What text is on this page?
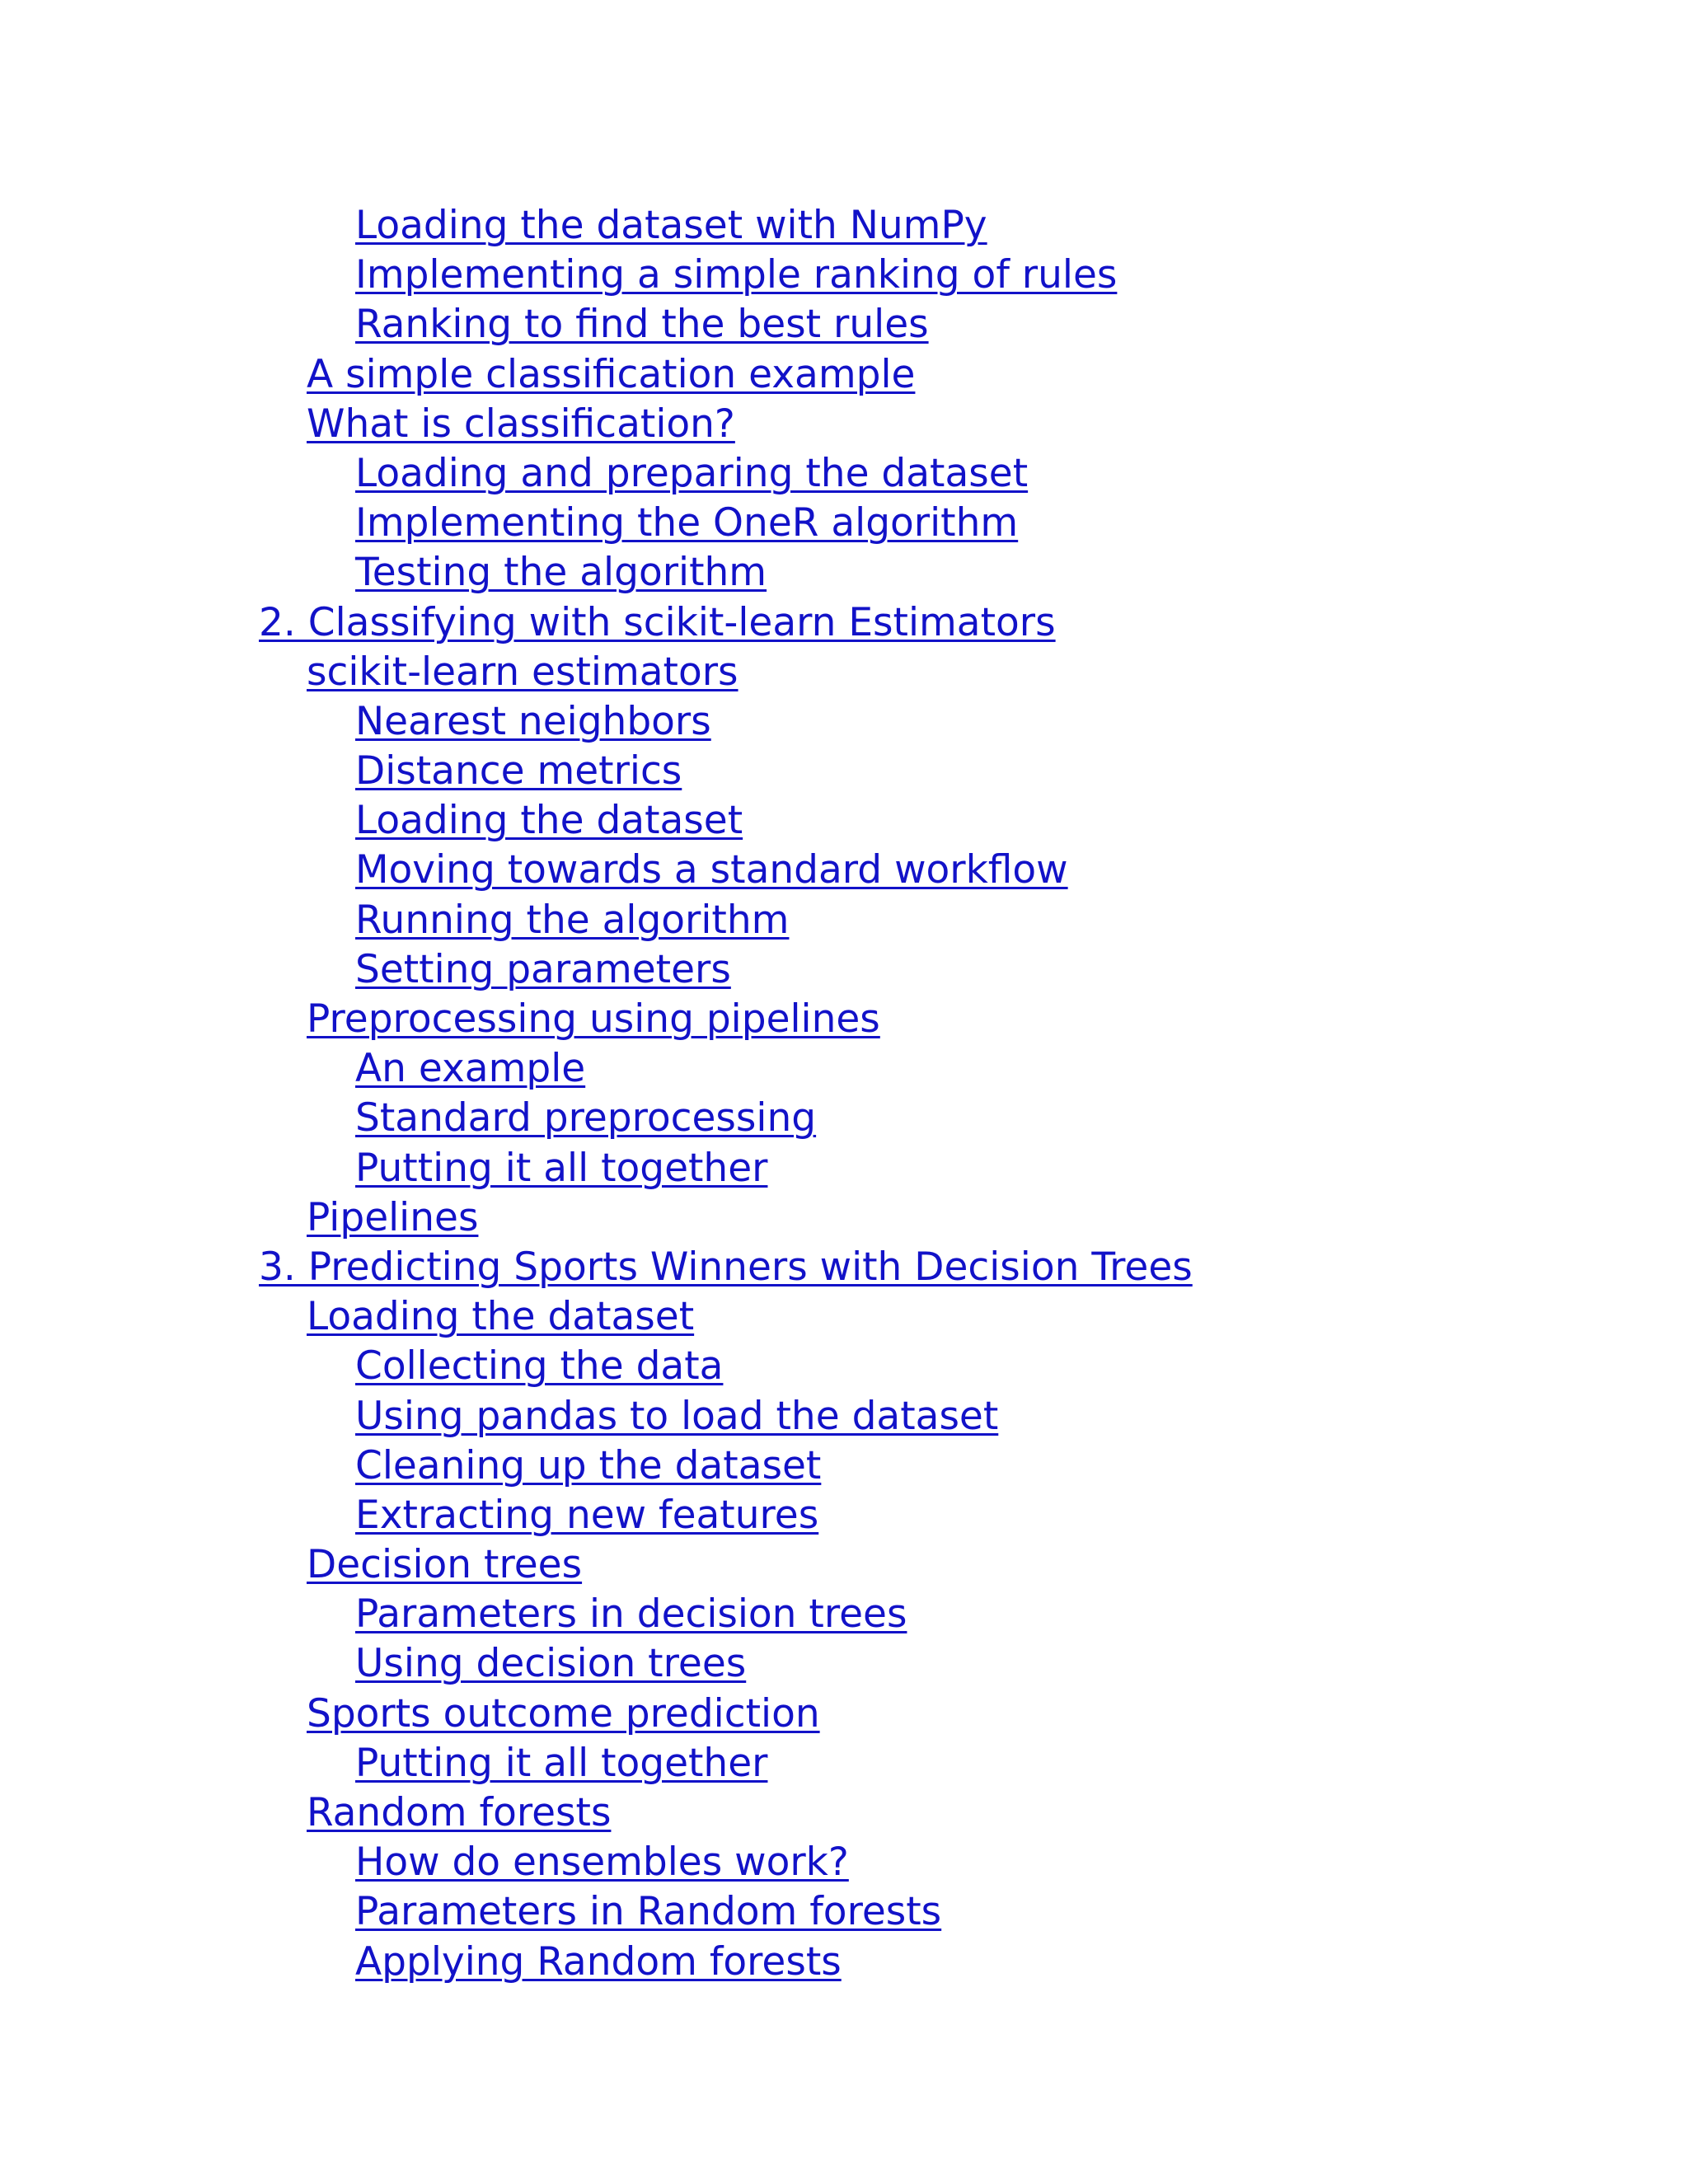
Loading the dataset with NumPy
Implementing a simple ranking of rules
Ranking to find the best rules
A simple classification example
What is classification?
Loading and preparing the dataset
Implementing the OneR algorithm
Testing the algorithm
2. Classifying with scikit-learn Estimators
scikit-learn estimators
Nearest neighbors
Distance metrics
Loading the dataset
Moving towards a standard workflow
Running the algorithm
Setting parameters
Preprocessing using pipelines
An example
Standard preprocessing
Putting it all together
Pipelines
3. Predicting Sports Winners with Decision Trees
Loading the dataset
Collecting the data
Using pandas to load the dataset
Cleaning up the dataset
Extracting new features
Decision trees
Parameters in decision trees
Using decision trees
Sports outcome prediction
Putting it all together
Random forests
How do ensembles work?
Parameters in Random forests
Applying Random forests
